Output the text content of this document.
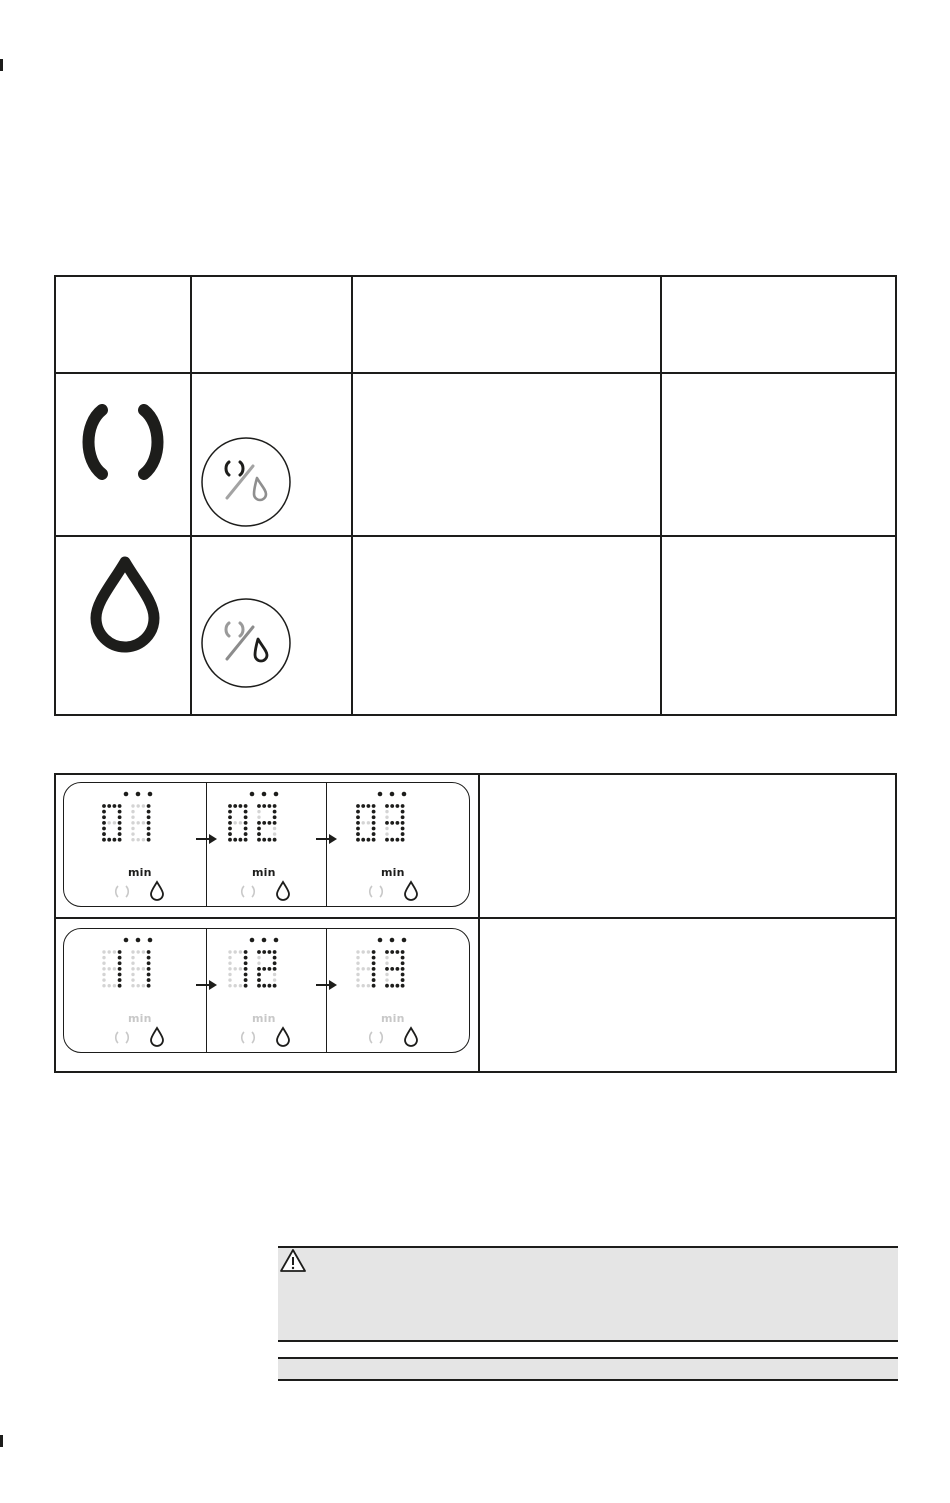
min	min	min
min	min	min
